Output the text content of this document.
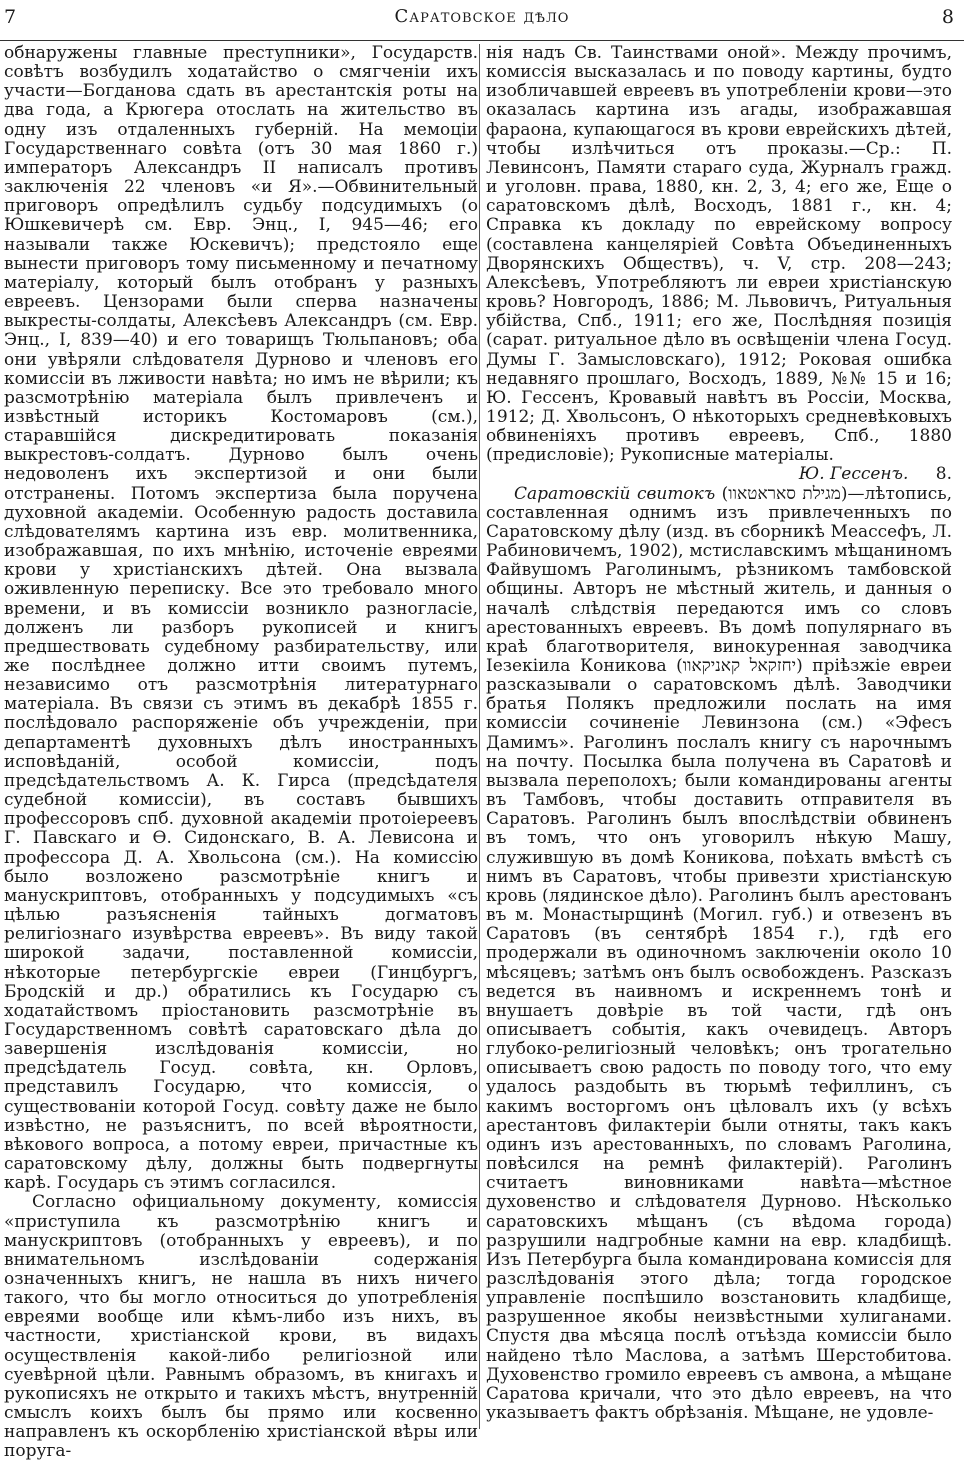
7	Саратовское дѣло	8

обнаружены главные преступники», Государств. совѣтъ возбудилъ ходатайство о смягченіи ихъ участи—Богданова сдать въ арестантскія роты на два года, а Крюгера отослать на жительство въ одну изъ отдаленныхъ губерній. На мемоціи Государственнаго совѣта (отъ 30 мая 1860 г.) императоръ Александръ II написалъ противъ заключенія 22 членовъ «и Я».—Обвинительный приговоръ опредѣлилъ судьбу подсудимыхъ (о Юшкевичерѣ см. Евр. Энц., I, 945—46; его называли также Юскевичъ); предстояло еще вынести приговоръ тому письменному и печатному матеріалу, который былъ отобранъ у разныхъ евреевъ. Цензорами были сперва назначены выкресты-солдаты, Алексѣевъ Александръ (см. Евр. Энц., I, 839—40) и его товарищъ Тюльпановъ; оба они увѣряли слѣдователя Дурново и членовъ его комиссіи въ лживости навѣта; но имъ не вѣрили; къ разсмотрѣнію матеріала былъ привлеченъ и извѣстный историкъ Костомаровъ (см.), старавшійся дискредитировать показанія выкрестовъ-солдатъ. Дурново былъ очень недоволенъ ихъ экспертизой и они были отстранены. Потомъ экспертиза была поручена духовной академіи. Особенную радость доставила слѣдователямъ картина изъ евр. молитвенника, изображавшая, по ихъ мнѣнію, источеніе евреями крови у христіанскихъ дѣтей. Она вызвала оживленную переписку. Все это требовало много времени, и въ комиссіи возникло разногласіе, долженъ ли разборъ рукописей и книгъ предшествовать судебному разбирательству, или же послѣднее должно итти своимъ путемъ, независимо отъ разсмотрѣнія литературнаго матеріала. Въ связи съ этимъ въ декабрѣ 1855 г. послѣдовало распоряженіе объ учрежденіи, при департаментѣ духовныхъ дѣлъ иностранныхъ исповѣданій, особой комиссіи, подъ предсѣдательствомъ А. К. Гирса (предсѣдателя судебной комиссіи), въ составъ бывшихъ профессоровъ спб. духовной академіи протоіереевъ Г. Павскаго и Ѳ. Сидонскаго, В. А. Левисона и профессора Д. А. Хвольсона (см.). На комиссію было возложено разсмотрѣніе книгъ и манускриптовъ, отобранныхъ у подсудимыхъ «съ цѣлью разъясненія тайныхъ догматовъ религіознаго изувѣрства евреевъ». Въ виду такой широкой задачи, поставленной комиссіи, нѣкоторые петербургскіе евреи (Гинцбургъ, Бродскій и др.) обратились къ Государю съ ходатайствомъ пріостановить разсмотрѣніе въ Государственномъ совѣтѣ саратовскаго дѣла до завершенія изслѣдованія комиссіи, но предсѣдатель Госуд. совѣта, кн. Орловъ, представилъ Государю, что комиссія, о существованіи которой Госуд. совѣту даже не было извѣстно, не разъяснитъ, по всей вѣроятности, вѣкового вопроса, а потому евреи, причастные къ саратовскому дѣлу, должны быть подвергнуты карѣ. Государь съ этимъ согласился.

Согласно официальному документу, комиссія «приступила къ разсмотрѣнію книгъ и манускриптовъ (отобранныхъ у евреевъ), и по внимательномъ изслѣдованіи содержанія означенныхъ книгъ, не нашла въ нихъ ничего такого, что бы могло относиться до употребленія евреями вообще или кѣмъ-либо изъ нихъ, въ частности, христіанской крови, въ видахъ осуществленія какой-либо религіозной или суевѣрной цѣли. Равнымъ образомъ, въ книгахъ и рукописяхъ не открыто и такихъ мѣстъ, внутренній смыслъ коихъ былъ бы прямо или косвенно направленъ къ оскорбленію христіанской вѣры или поруга-

нія надъ Св. Таинствами оной». Между прочимъ, комиссія высказалась и по поводу картины, будто изобличавшей евреевъ въ употребленіи крови—это оказалась картина изъ агады, изображавшая фараона, купающагося въ крови еврейскихъ дѣтей, чтобы излѣчиться отъ проказы.—Ср.: П. Левинсонъ, Памяти стараго суда, Журналъ гражд. и уголовн. права, 1880, кн. 2, 3, 4; его же, Еще о саратовскомъ дѣлѣ, Восходъ, 1881 г., кн. 4; Справка къ докладу по еврейскому вопросу (составлена канцеляріей Совѣта Объединенныхъ Дворянскихъ Обществъ), ч. V, стр. 208—243; Алексѣевъ, Употребляютъ ли евреи христіанскую кровь? Новгородъ, 1886; М. Львовичъ, Ритуальныя убійства, Спб., 1911; его же, Послѣдняя позиція (сарат. ритуальное дѣло въ освѣщеніи члена Госуд. Думы Г. Замысловскаго), 1912; Роковая ошибка недавняго прошлаго, Восходъ, 1889, №№ 15 и 16; Ю. Гессенъ, Кровавый навѣтъ въ Россіи, Москва, 1912; Д. Хвольсонъ, О нѣкоторыхъ средневѣковыхъ обвиненіяхъ противъ евреевъ, Спб., 1880 (предисловіе); Рукописные матеріалы.

Ю. Гессенъ. 8.

Саратовскій свитокъ (מגילת סאראטאוו)—лѣтопись, составленная однимъ изъ привлеченныхъ по Саратовскому дѣлу (изд. въ сборникѣ Меассефъ, Л. Рабиновичемъ, 1902), мстиславскимъ мѣщаниномъ Файвушомъ Раголинымъ, рѣзникомъ тамбовской общины. Авторъ не мѣстный житель, и данныя о началѣ слѣдствія передаются имъ со словъ арестованныхъ евреевъ. Въ домѣ популярнаго въ краѣ благотворителя, винокуренная заводчика Іезекіила Коникова (יחזקאל קאניקאוו) пріѣзжіе евреи разсказывали о саратовскомъ дѣлѣ. Заводчики братья Полякъ предложили послать на имя комиссіи сочиненіе Левинзона (см.) «Эфесъ Дамимъ». Раголинъ послалъ книгу съ нарочнымъ на почту. Посылка была получена въ Саратовѣ и вызвала переполохъ; были командированы агенты въ Тамбовъ, чтобы доставить отправителя въ Саратовъ. Раголинъ былъ впослѣдствіи обвиненъ въ томъ, что онъ уговорилъ нѣкую Машу, служившую въ домѣ Коникова, поѣхать вмѣстѣ съ нимъ въ Саратовъ, чтобы привезти христіанскую кровь (лядинское дѣло). Раголинъ былъ арестованъ въ м. Монастырщинѣ (Могил. губ.) и отвезенъ въ Саратовъ (въ сентябрѣ 1854 г.), гдѣ его продержали въ одиночномъ заключеніи около 10 мѣсяцевъ; затѣмъ онъ былъ освобожденъ. Разсказъ ведется въ наивномъ и искреннемъ тонѣ и внушаетъ довѣріе въ той части, гдѣ онъ описываетъ событія, какъ очевидецъ. Авторъ глубоко-религіозный человѣкъ; онъ трогательно описываетъ свою радость по поводу того, что ему удалось раздобыть въ тюрьмѣ тефиллинъ, съ какимъ восторгомъ онъ цѣловалъ ихъ (у всѣхъ арестантовъ филактеріи были отняты, такъ какъ одинъ изъ арестованныхъ, по словамъ Раголина, повѣсился на ремнѣ филактерій). Раголинъ считаетъ виновниками навѣта—мѣстное духовенство и слѣдователя Дурново. Нѣсколько саратовскихъ мѣщанъ (съ вѣдома города) разрушили надгробные камни на евр. кладбищѣ. Изъ Петербурга была командирована комиссія для разслѣдованія этого дѣла; тогда городское управленіе поспѣшило возстановить кладбище, разрушенное якобы неизвѣстными хулиганами. Спустя два мѣсяца послѣ отъѣзда комиссіи было найдено тѣло Маслова, а затѣмъ Шерстобитова. Духовенство громило евреевъ съ амвона, а мѣщане Саратова кричали, что это дѣло евреевъ, на что указываетъ фактъ обрѣзанія. Мѣщане, не удовле-
